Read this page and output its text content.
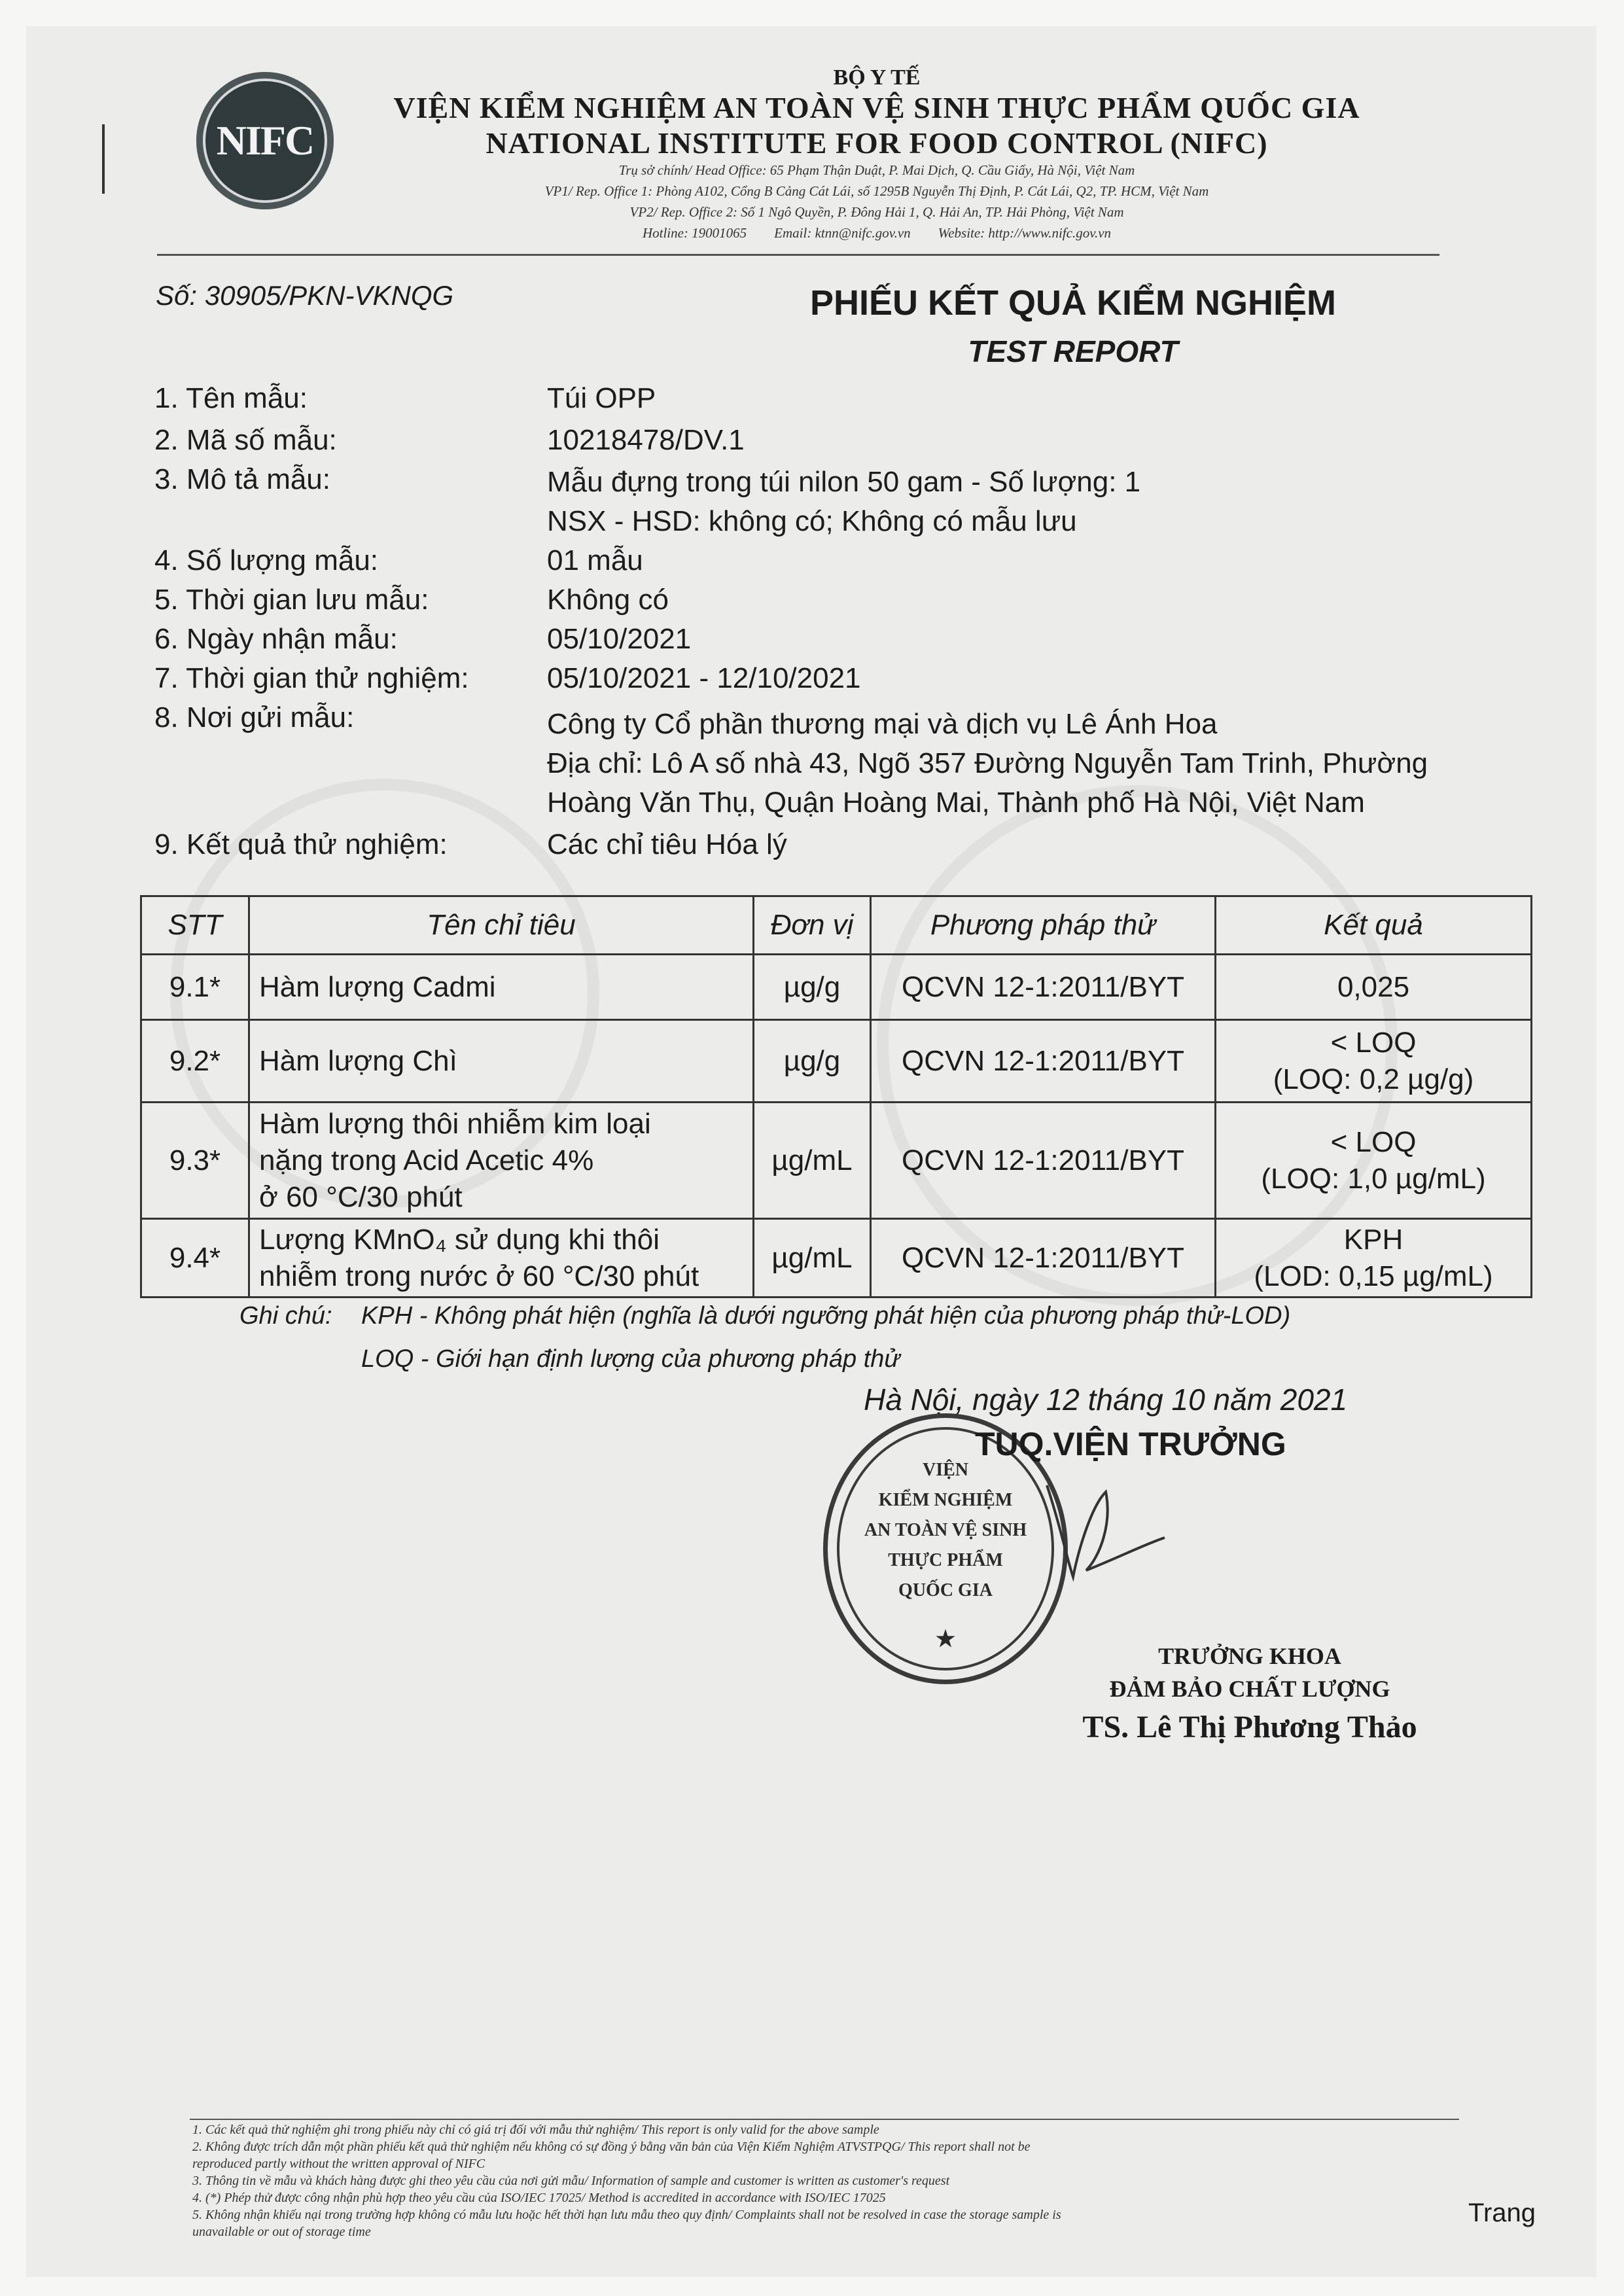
NIFC
BỘ Y TẾ
VIỆN KIỂM NGHIỆM AN TOÀN VỆ SINH THỰC PHẨM QUỐC GIA
NATIONAL INSTITUTE FOR FOOD CONTROL (NIFC)
Trụ sở chính/ Head Office: 65 Phạm Thận Duật, P. Mai Dịch, Q. Cầu Giấy, Hà Nội, Việt Nam
VP1/ Rep. Office 1: Phòng A102, Cổng B Cảng Cát Lái, số 1295B Nguyễn Thị Định, P. Cát Lái, Q2, TP. HCM, Việt Nam
VP2/ Rep. Office 2: Số 1 Ngô Quyền, P. Đông Hải 1, Q. Hải An, TP. Hải Phòng, Việt Nam
Hotline: 19001065        Email: ktnn@nifc.gov.vn        Website: http://www.nifc.gov.vn
Số: 30905/PKN-VKNQG	PHIẾU KẾT QUẢ KIỂM NGHIỆM
TEST REPORT
1. Tên mẫu:	Túi OPP
2. Mã số mẫu:	10218478/DV.1
3. Mô tả mẫu:	Mẫu đựng trong túi nilon 50 gam - Số lượng: 1
NSX - HSD: không có; Không có mẫu lưu
4. Số lượng mẫu:	01 mẫu
5. Thời gian lưu mẫu:	Không có
6. Ngày nhận mẫu:	05/10/2021
7. Thời gian thử nghiệm:	05/10/2021 - 12/10/2021
8. Nơi gửi mẫu:	Công ty Cổ phần thương mại và dịch vụ Lê Ánh Hoa
Địa chỉ: Lô A số nhà 43, Ngõ 357 Đường Nguyễn Tam Trinh, Phường
Hoàng Văn Thụ, Quận Hoàng Mai, Thành phố Hà Nội, Việt Nam
9. Kết quả thử nghiệm:	Các chỉ tiêu Hóa lý
STT	Tên chỉ tiêu	Đơn vị	Phương pháp thử	Kết quả
9.1*	Hàm lượng Cadmi	µg/g	QCVN 12-1:2011/BYT	0,025
9.2*	Hàm lượng Chì	µg/g	QCVN 12-1:2011/BYT	< LOQ
(LOQ: 0,2 µg/g)

9.3*	Hàm lượng thôi nhiễm kim loại
nặng trong Acid Acetic 4%
ở 60 °C/30 phút	µg/mL	QCVN 12-1:2011/BYT	< LOQ
(LOQ: 1,0 µg/mL)

9.4*	Lượng KMnO₄ sử dụng khi thôi
nhiễm trong nước ở 60 °C/30 phút	µg/mL	QCVN 12-1:2011/BYT	KPH
(LOD: 0,15 µg/mL)
Ghi chú: KPH - Không phát hiện (nghĩa là dưới ngưỡng phát hiện của phương pháp thử-LOD)
LOQ - Giới hạn định lượng của phương pháp thử
Hà Nội, ngày 12 tháng 10 năm 2021
VIỆN
KIỂM NGHIỆM
AN TOÀN VỆ SINH
THỰC PHẨM
QUỐC GIA
★
TUQ.VIỆN TRƯỞNG
TRƯỞNG KHOA
ĐẢM BẢO CHẤT LƯỢNG
TS. Lê Thị Phương Thảo
1. Các kết quả thử nghiệm ghi trong phiếu này chỉ có giá trị đối với mẫu thử nghiệm/ This report is only valid for the above sample
2. Không được trích dẫn một phần phiếu kết quả thử nghiệm nếu không có sự đồng ý bằng văn bản của Viện Kiểm Nghiệm ATVSTPQG/ This report shall not be
reproduced partly without the written approval of NIFC
3. Thông tin về mẫu và khách hàng được ghi theo yêu cầu của nơi gửi mẫu/ Information of sample and customer is written as customer's request
4. (*) Phép thử được công nhận phù hợp theo yêu cầu của ISO/IEC 17025/ Method is accredited in accordance with ISO/IEC 17025
5. Không nhận khiếu nại trong trường hợp không có mẫu lưu hoặc hết thời hạn lưu mẫu theo quy định/ Complaints shall not be resolved in case the storage sample is
unavailable or out of storage time
Trang
